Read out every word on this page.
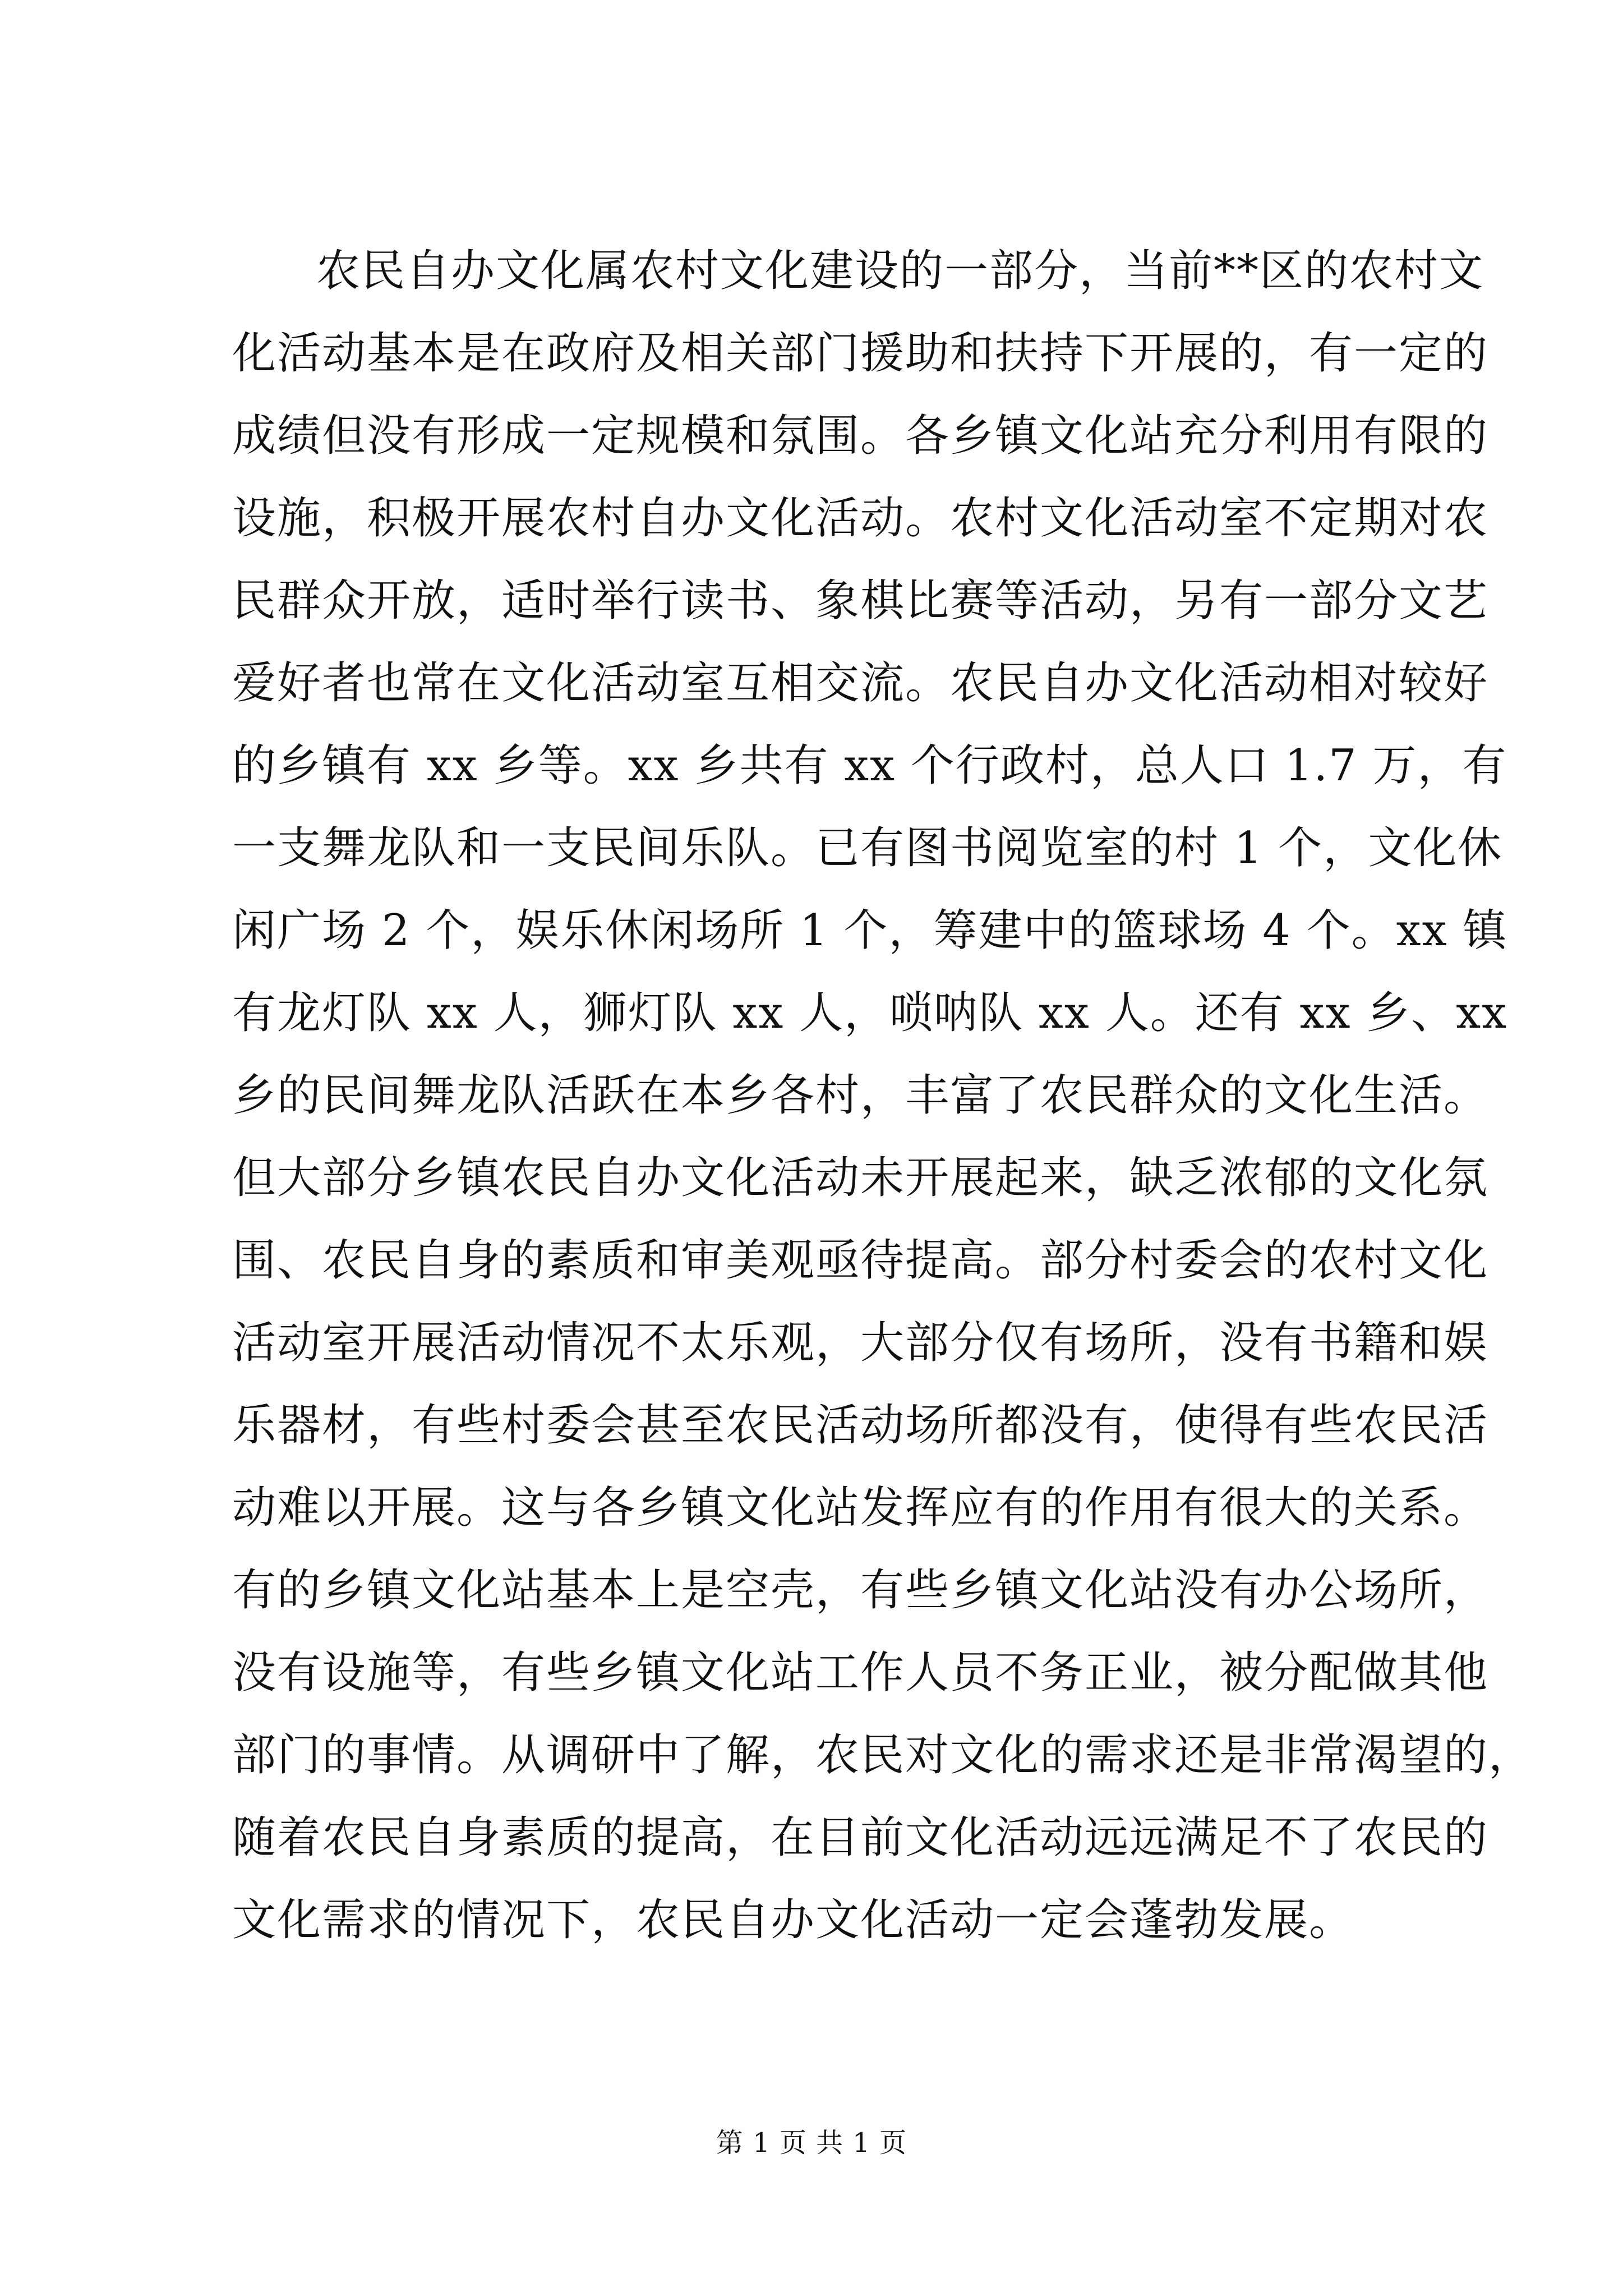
农民自办文化属农村文化建设的一部分，当前**区的农村文
化活动基本是在政府及相关部门援助和扶持下开展的，有一定的
成绩但没有形成一定规模和氛围。各乡镇文化站充分利用有限的
设施，积极开展农村自办文化活动。农村文化活动室不定期对农
民群众开放，适时举行读书、象棋比赛等活动，另有一部分文艺
爱好者也常在文化活动室互相交流。农民自办文化活动相对较好
的乡镇有 xx 乡等。xx 乡共有 xx 个行政村，总人口 1.7 万，有
一支舞龙队和一支民间乐队。已有图书阅览室的村 1 个，文化休
闲广场 2 个，娱乐休闲场所 1 个，筹建中的篮球场 4 个。xx 镇
有龙灯队 xx 人，狮灯队 xx 人，唢呐队 xx 人。还有 xx 乡、xx
乡的民间舞龙队活跃在本乡各村，丰富了农民群众的文化生活。
但大部分乡镇农民自办文化活动未开展起来，缺乏浓郁的文化氛
围、农民自身的素质和审美观亟待提高。部分村委会的农村文化
活动室开展活动情况不太乐观，大部分仅有场所，没有书籍和娱
乐器材，有些村委会甚至农民活动场所都没有，使得有些农民活
动难以开展。这与各乡镇文化站发挥应有的作用有很大的关系。
有的乡镇文化站基本上是空壳，有些乡镇文化站没有办公场所，
没有设施等，有些乡镇文化站工作人员不务正业，被分配做其他
部门的事情。从调研中了解，农民对文化的需求还是非常渴望的，
随着农民自身素质的提高，在目前文化活动远远满足不了农民的
文化需求的情况下，农民自办文化活动一定会蓬勃发展。
第 1 页 共 1 页
